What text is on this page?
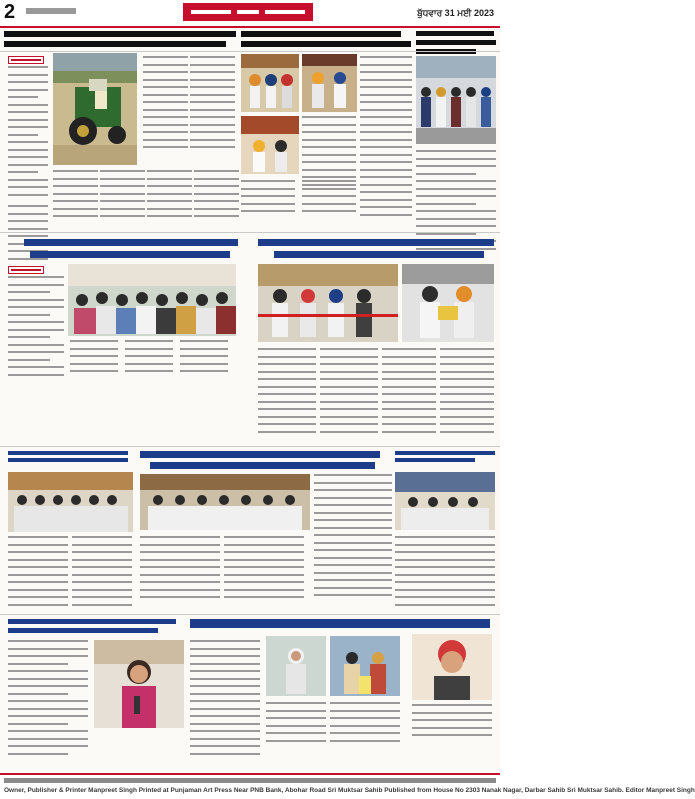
2	ਬੁੱਧਵਾਰ 31 ਮਈ 2023
Owner, Publisher & Printer Manpreet Singh Printed at Punjaman Art Press Near PNB Bank, Abohar Road Sri Muktsar Sahib Published from House No 2303 Nanak Nagar, Darbar Sahib Sri Muktsar Sahib. Editor Manpreet Singh
